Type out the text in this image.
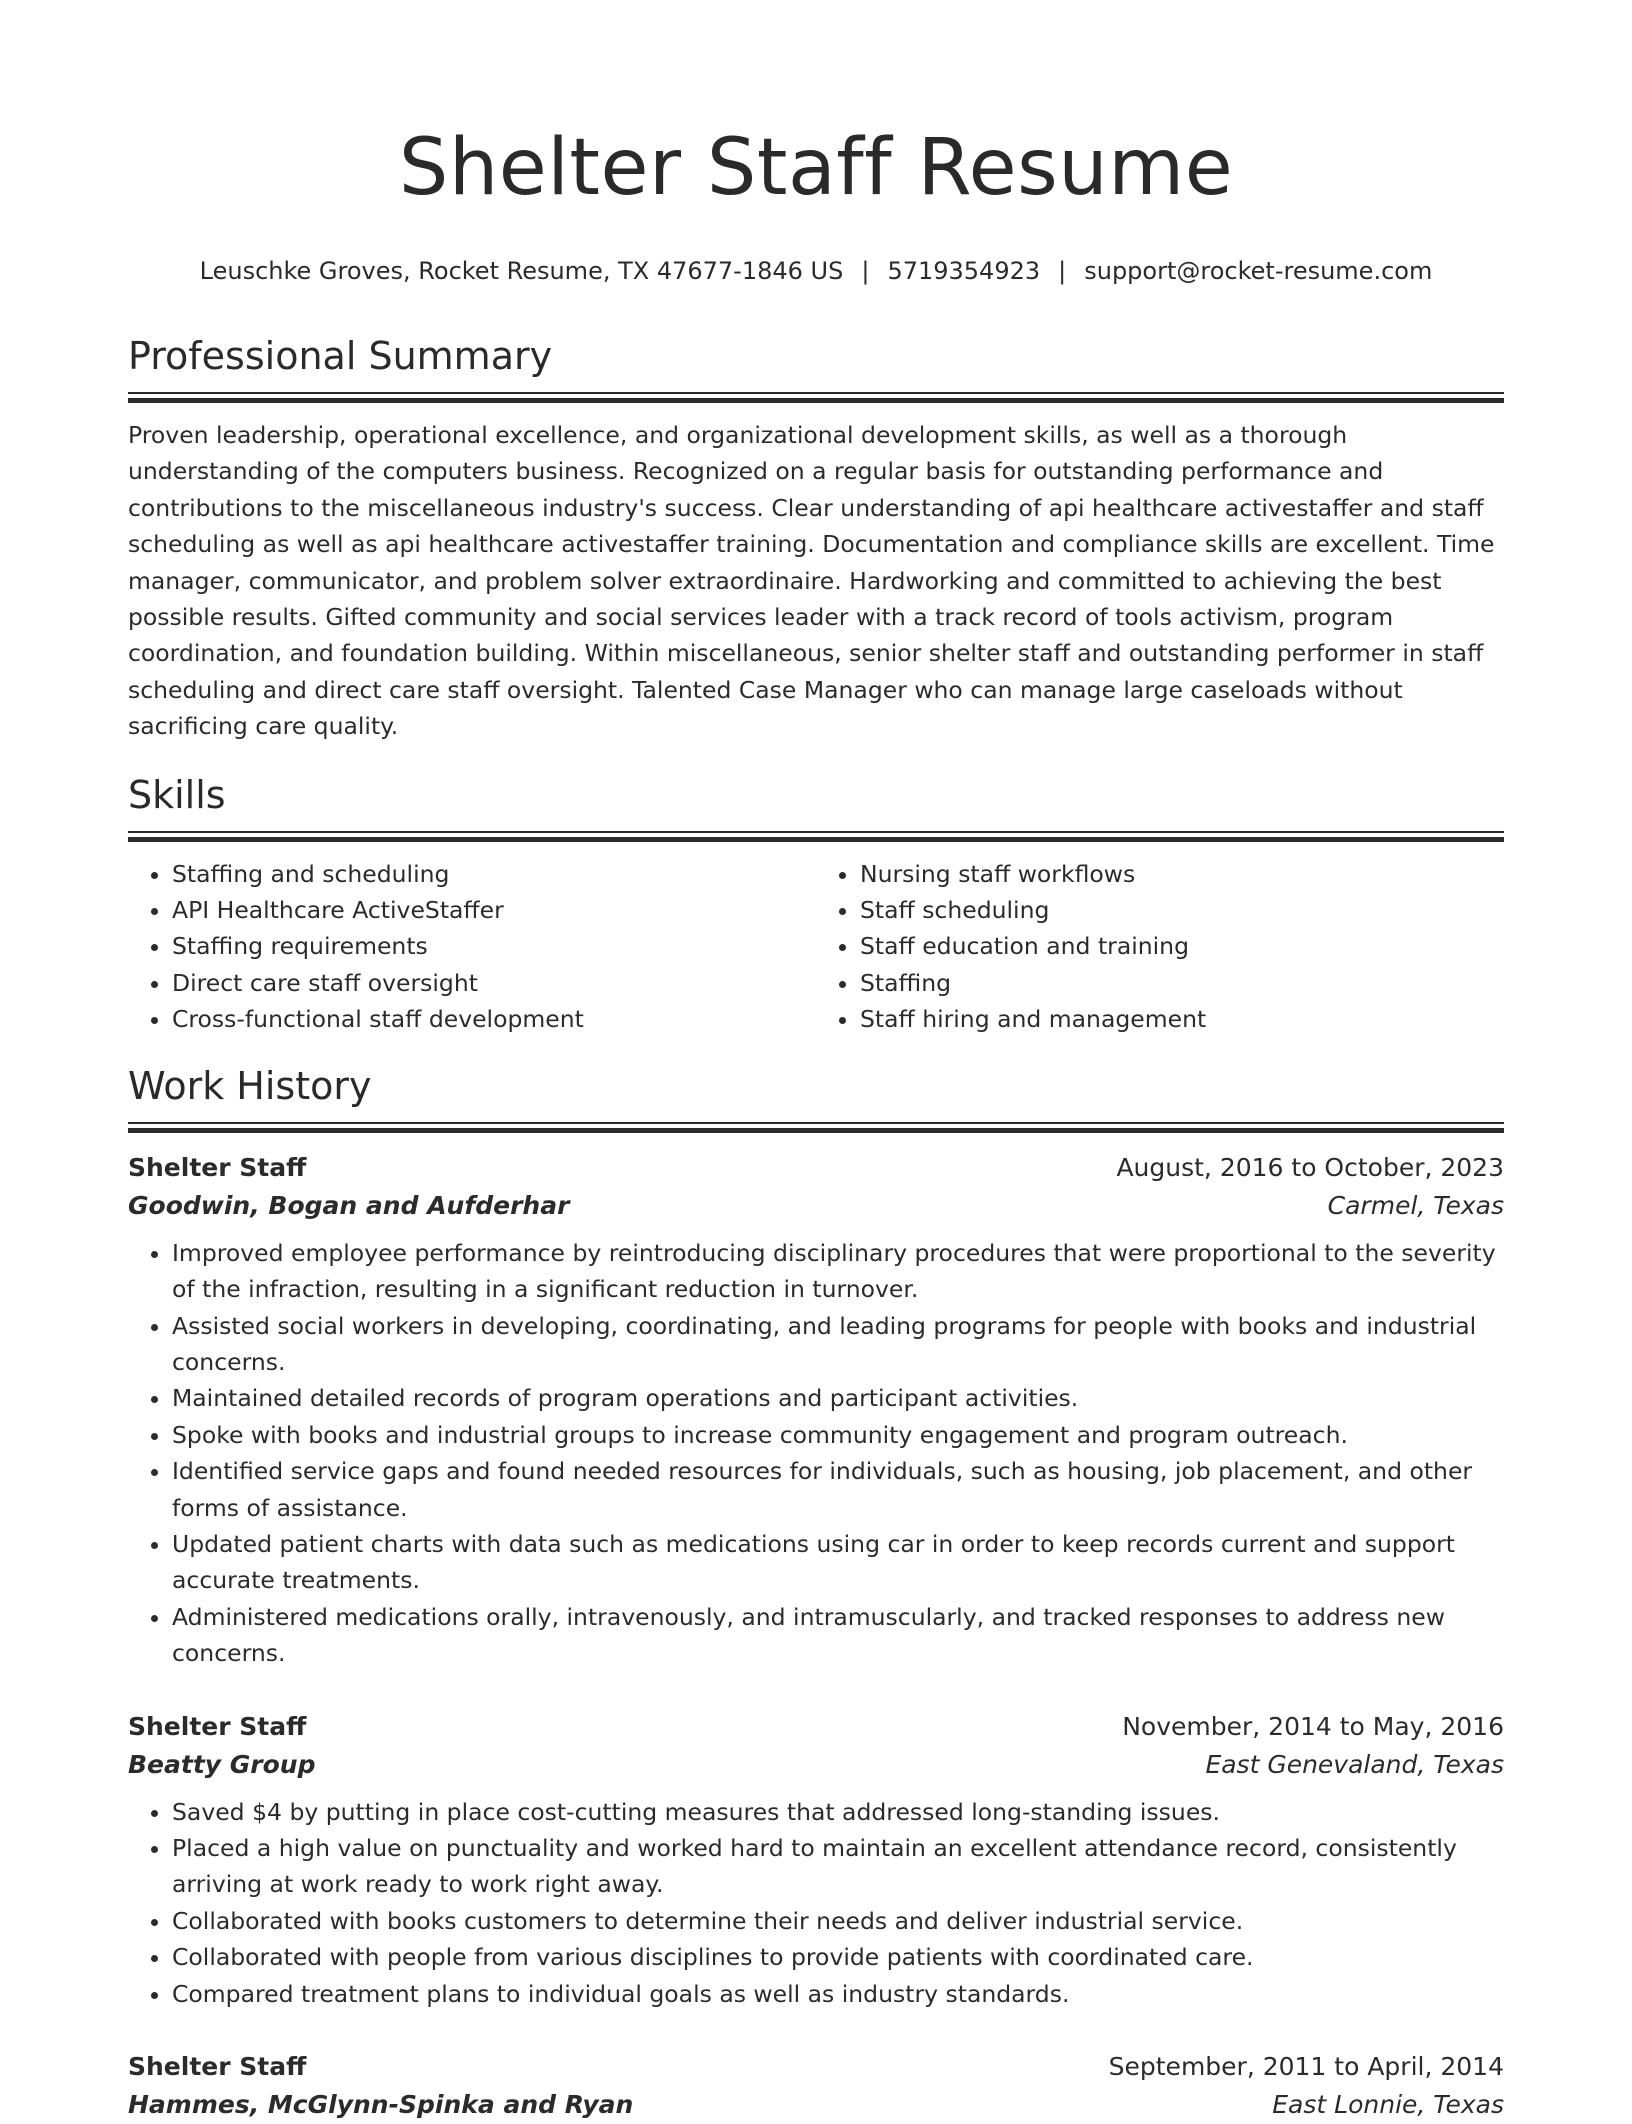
Shelter Staff Resume
Leuschke Groves, Rocket Resume, TX 47677-1846 US | 5719354923 | support@rocket-resume.com
Professional Summary

Proven leadership, operational excellence, and organizational development skills, as well as a thorough understanding of the computers business. Recognized on a regular basis for outstanding performance and contributions to the miscellaneous industry's success. Clear understanding of api healthcare activestaffer and staff scheduling as well as api healthcare activestaffer training. Documentation and compliance skills are excellent. Time manager, communicator, and problem solver extraordinaire. Hardworking and committed to achieving the best possible results. Gifted community and social services leader with a track record of tools activism, program coordination, and foundation building. Within miscellaneous, senior shelter staff and outstanding performer in staff scheduling and direct care staff oversight. Talented Case Manager who can manage large caseloads without sacrificing care quality.

Skills
• Staffing and scheduling
• API Healthcare ActiveStaffer
• Staffing requirements
• Direct care staff oversight
• Cross-functional staff development
• Nursing staff workflows
• Staff scheduling
• Staff education and training
• Staffing
• Staff hiring and management
Work History
Shelter Staff	August, 2016 to October, 2023
Goodwin, Bogan and Aufderhar	Carmel, Texas
• Improved employee performance by reintroducing disciplinary procedures that were proportional to the severity of the infraction, resulting in a significant reduction in turnover.
• Assisted social workers in developing, coordinating, and leading programs for people with books and industrial concerns.
• Maintained detailed records of program operations and participant activities.
• Spoke with books and industrial groups to increase community engagement and program outreach.
• Identified service gaps and found needed resources for individuals, such as housing, job placement, and other forms of assistance.
• Updated patient charts with data such as medications using car in order to keep records current and support accurate treatments.
• Administered medications orally, intravenously, and intramuscularly, and tracked responses to address new concerns.
Shelter Staff	November, 2014 to May, 2016
Beatty Group	East Genevaland, Texas
• Saved $4 by putting in place cost-cutting measures that addressed long-standing issues.
• Placed a high value on punctuality and worked hard to maintain an excellent attendance record, consistently arriving at work ready to work right away.
• Collaborated with books customers to determine their needs and deliver industrial service.
• Collaborated with people from various disciplines to provide patients with coordinated care.
• Compared treatment plans to individual goals as well as industry standards.
Shelter Staff	September, 2011 to April, 2014
Hammes, McGlynn-Spinka and Ryan	East Lonnie, Texas
